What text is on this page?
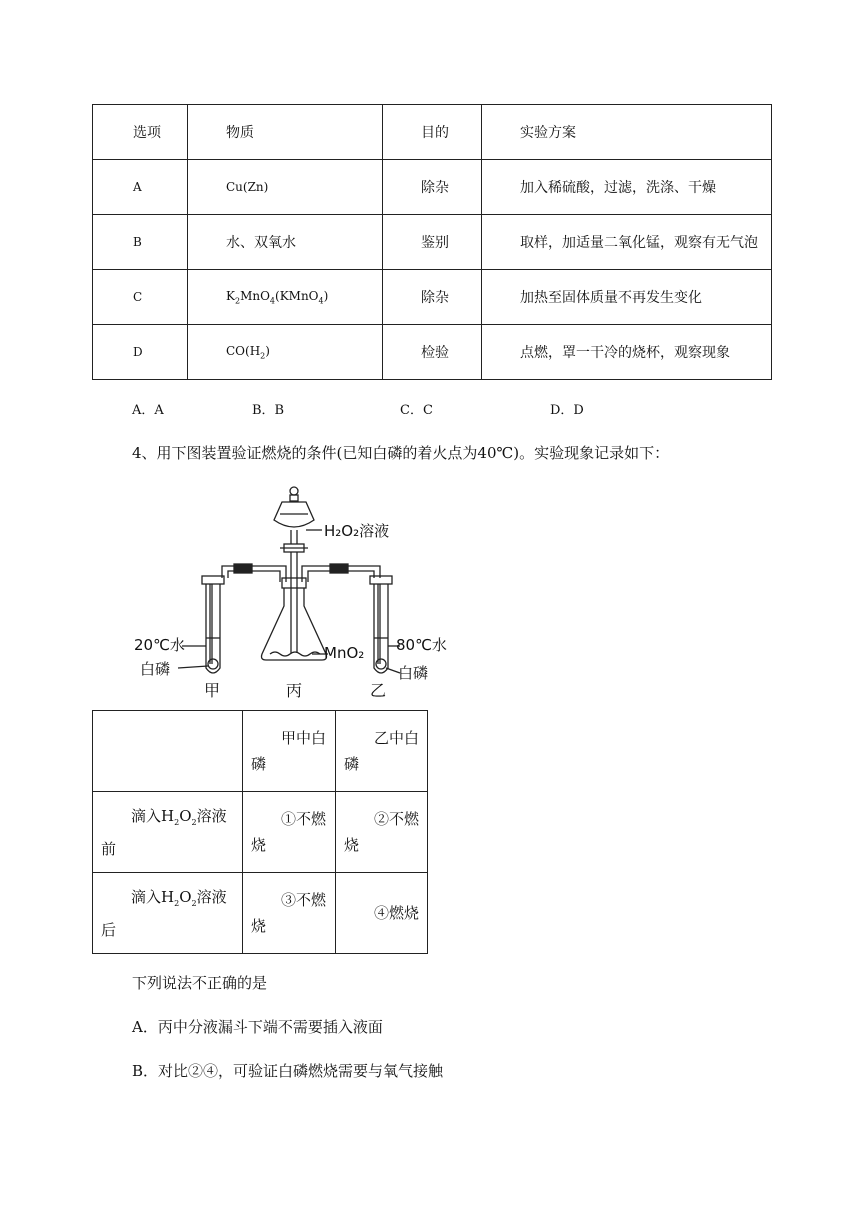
选项	物质	目的	实验方案
A	Cu(Zn)	除杂	加入稀硫酸，过滤，洗涤、干燥
B	水、双氧水	鉴别	取样，加适量二氧化锰，观察有无气泡
C	$K_2MnO_4(KMnO_4)$	除杂	加热至固体质量不再发生变化
D	$CO(H_2)$	检验	点燃，罩一干冷的烧杯，观察现象
A．A	B．B	C．C	D．D
4、用下图装置验证燃烧的条件(已知白磷的着火点为40℃)。实验现象记录如下：
H₂O₂溶液
MnO₂
20℃水
白磷
80℃水
白磷
甲	丙	乙
	甲中白磷	乙中白磷
滴入$H_2O_2$溶液前	①不燃烧	②不燃烧
滴入$H_2O_2$溶液后	③不燃烧	④燃烧
下列说法不正确的是
A．丙中分液漏斗下端不需要插入液面
B．对比②④，可验证白磷燃烧需要与氧气接触
